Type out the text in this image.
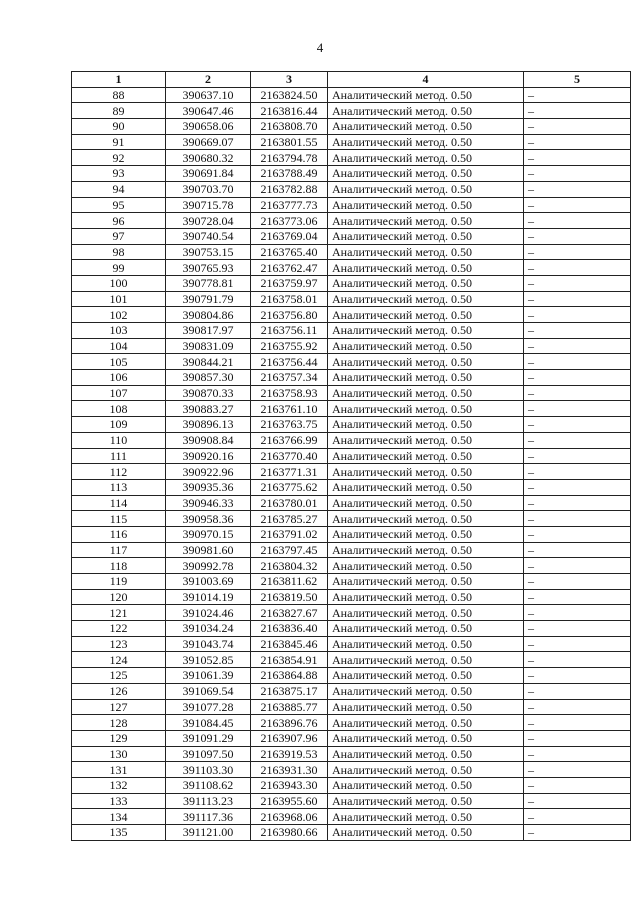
4
1	2	3	4	5
88	390637.10	2163824.50	Аналитический метод. 0.50	–
89	390647.46	2163816.44	Аналитический метод. 0.50	–
90	390658.06	2163808.70	Аналитический метод. 0.50	–
91	390669.07	2163801.55	Аналитический метод. 0.50	–
92	390680.32	2163794.78	Аналитический метод. 0.50	–
93	390691.84	2163788.49	Аналитический метод. 0.50	–
94	390703.70	2163782.88	Аналитический метод. 0.50	–
95	390715.78	2163777.73	Аналитический метод. 0.50	–
96	390728.04	2163773.06	Аналитический метод. 0.50	–
97	390740.54	2163769.04	Аналитический метод. 0.50	–
98	390753.15	2163765.40	Аналитический метод. 0.50	–
99	390765.93	2163762.47	Аналитический метод. 0.50	–
100	390778.81	2163759.97	Аналитический метод. 0.50	–
101	390791.79	2163758.01	Аналитический метод. 0.50	–
102	390804.86	2163756.80	Аналитический метод. 0.50	–
103	390817.97	2163756.11	Аналитический метод. 0.50	–
104	390831.09	2163755.92	Аналитический метод. 0.50	–
105	390844.21	2163756.44	Аналитический метод. 0.50	–
106	390857.30	2163757.34	Аналитический метод. 0.50	–
107	390870.33	2163758.93	Аналитический метод. 0.50	–
108	390883.27	2163761.10	Аналитический метод. 0.50	–
109	390896.13	2163763.75	Аналитический метод. 0.50	–
110	390908.84	2163766.99	Аналитический метод. 0.50	–
111	390920.16	2163770.40	Аналитический метод. 0.50	–
112	390922.96	2163771.31	Аналитический метод. 0.50	–
113	390935.36	2163775.62	Аналитический метод. 0.50	–
114	390946.33	2163780.01	Аналитический метод. 0.50	–
115	390958.36	2163785.27	Аналитический метод. 0.50	–
116	390970.15	2163791.02	Аналитический метод. 0.50	–
117	390981.60	2163797.45	Аналитический метод. 0.50	–
118	390992.78	2163804.32	Аналитический метод. 0.50	–
119	391003.69	2163811.62	Аналитический метод. 0.50	–
120	391014.19	2163819.50	Аналитический метод. 0.50	–
121	391024.46	2163827.67	Аналитический метод. 0.50	–
122	391034.24	2163836.40	Аналитический метод. 0.50	–
123	391043.74	2163845.46	Аналитический метод. 0.50	–
124	391052.85	2163854.91	Аналитический метод. 0.50	–
125	391061.39	2163864.88	Аналитический метод. 0.50	–
126	391069.54	2163875.17	Аналитический метод. 0.50	–
127	391077.28	2163885.77	Аналитический метод. 0.50	–
128	391084.45	2163896.76	Аналитический метод. 0.50	–
129	391091.29	2163907.96	Аналитический метод. 0.50	–
130	391097.50	2163919.53	Аналитический метод. 0.50	–
131	391103.30	2163931.30	Аналитический метод. 0.50	–
132	391108.62	2163943.30	Аналитический метод. 0.50	–
133	391113.23	2163955.60	Аналитический метод. 0.50	–
134	391117.36	2163968.06	Аналитический метод. 0.50	–
135	391121.00	2163980.66	Аналитический метод. 0.50	–
